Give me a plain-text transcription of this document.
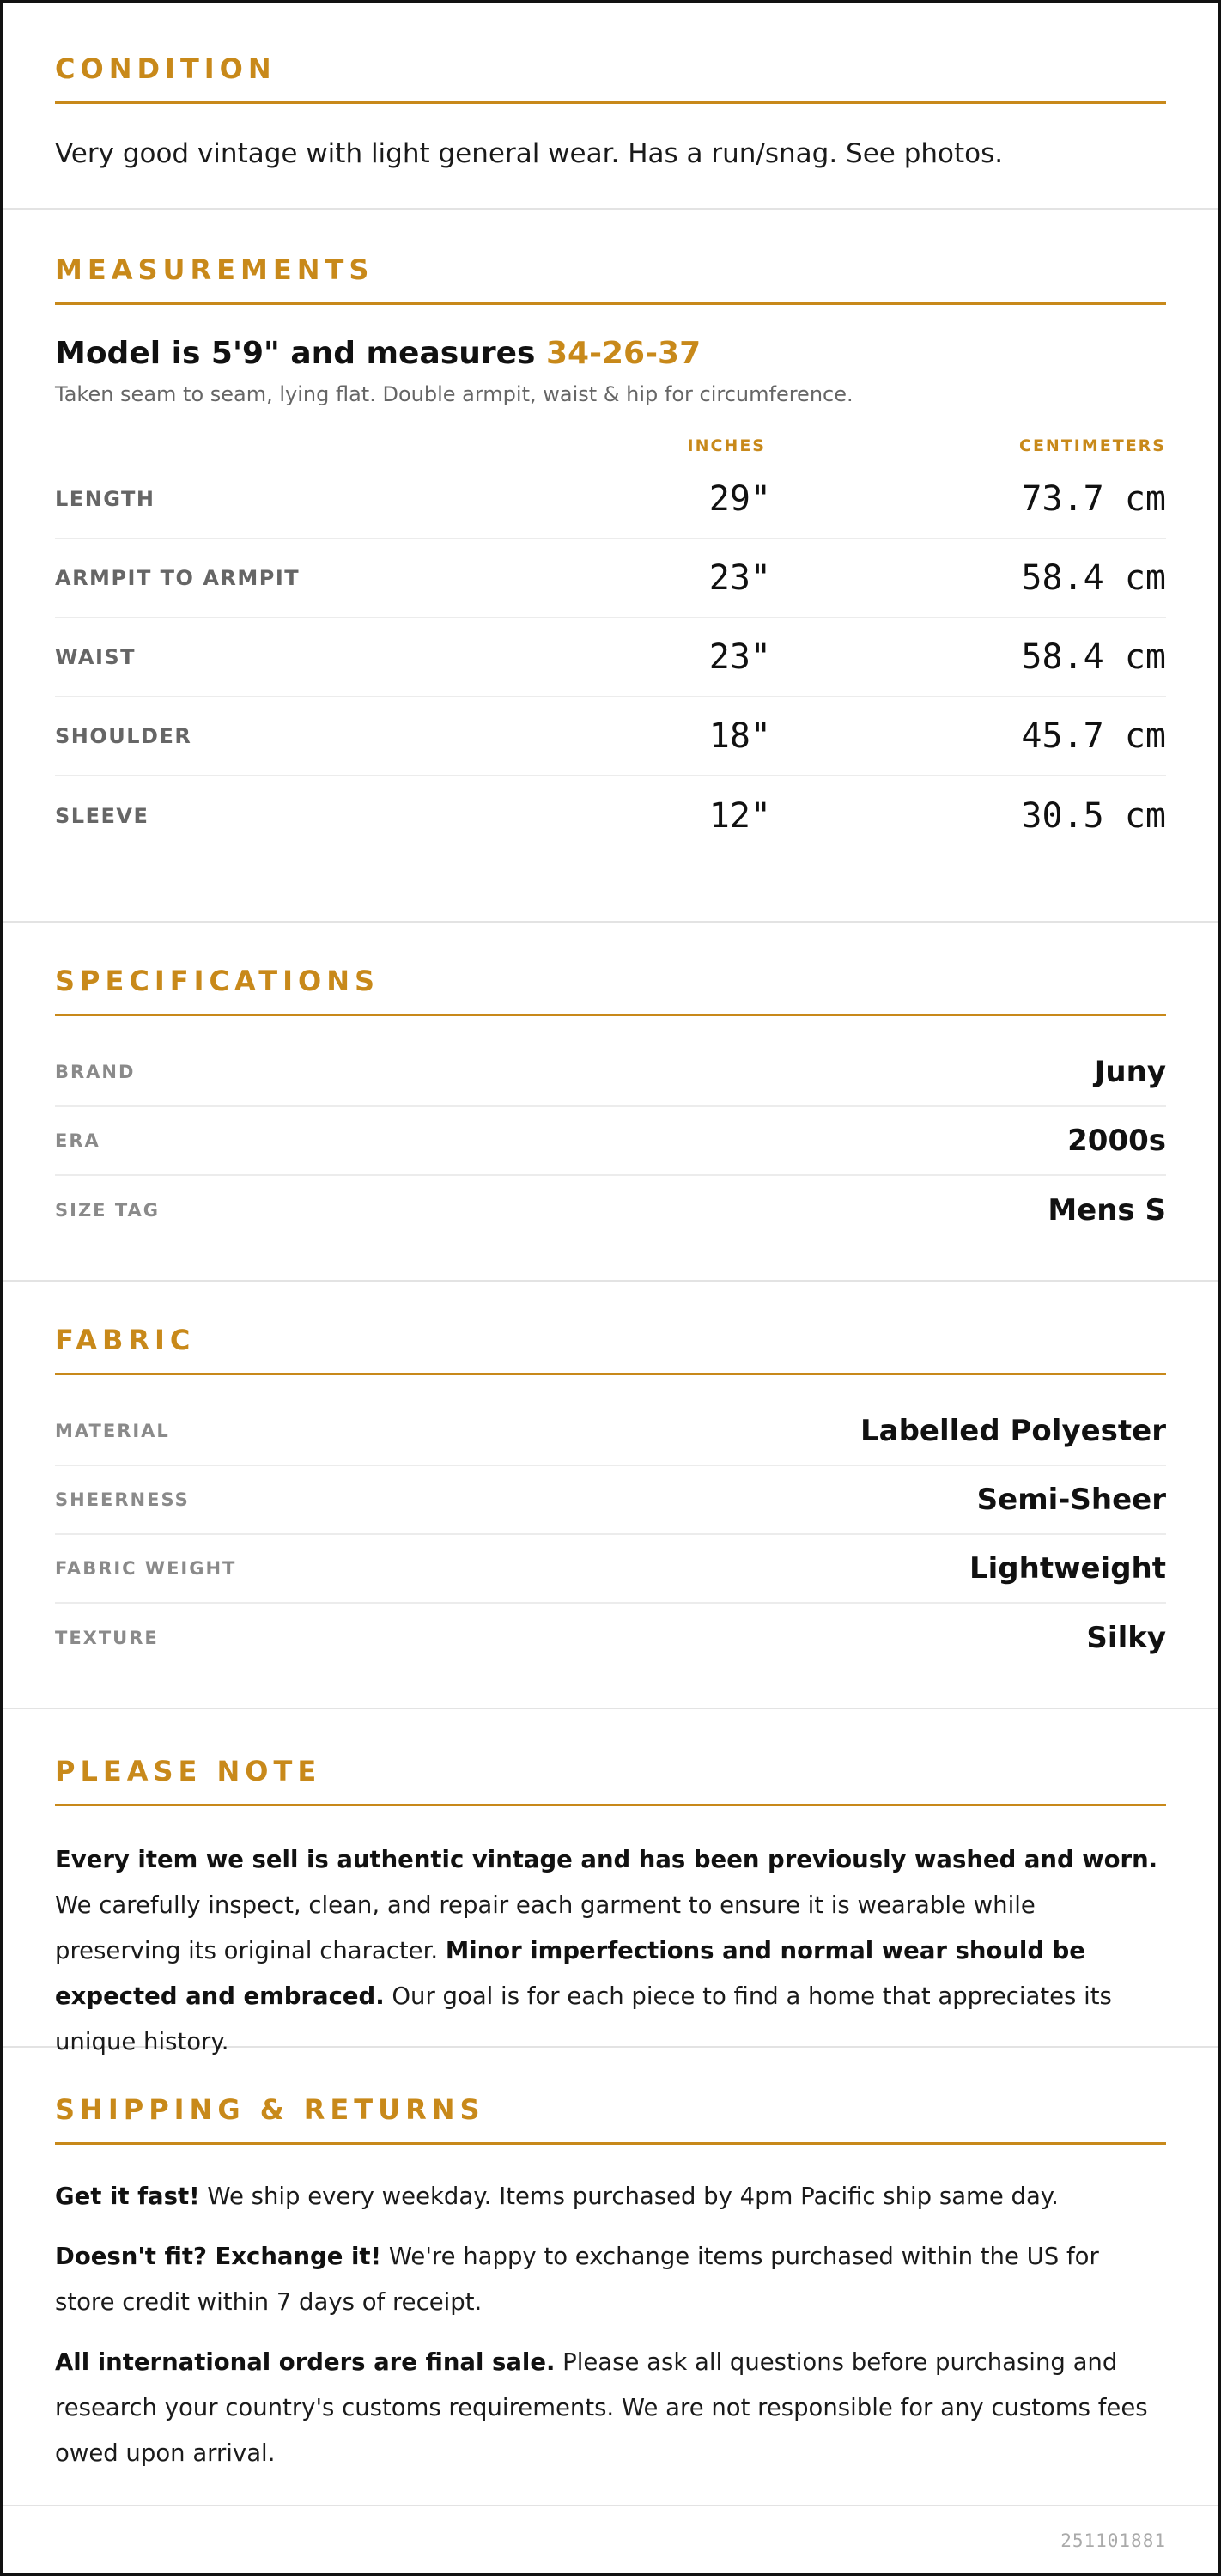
CONDITION

Very good vintage with light general wear. Has a run/snag. See photos.

MEASUREMENTS

Model is 5'9" and measures 34-26-37

Taken seam to seam, lying flat. Double armpit, waist & hip for circumference.

INCHES	CENTIMETERS
LENGTH	29"	73.7 cm
ARMPIT TO ARMPIT	23"	58.4 cm
WAIST	23"	58.4 cm
SHOULDER	18"	45.7 cm
SLEEVE	12"	30.5 cm
SPECIFICATIONS
BRAND	Juny
ERA	2000s
SIZE TAG	Mens S
FABRIC
MATERIAL	Labelled Polyester
SHEERNESS	Semi-Sheer
FABRIC WEIGHT	Lightweight
TEXTURE	Silky
PLEASE NOTE

Every item we sell is authentic vintage and has been previously washed and worn. We carefully inspect, clean, and repair each garment to ensure it is wearable while preserving its original character. Minor imperfections and normal wear should be expected and embraced. Our goal is for each piece to find a home that appreciates its unique history.

SHIPPING & RETURNS

Get it fast! We ship every weekday. Items purchased by 4pm Pacific ship same day.

Doesn't fit? Exchange it! We're happy to exchange items purchased within the US for store credit within 7 days of receipt.

All international orders are final sale. Please ask all questions before purchasing and research your country's customs requirements. We are not responsible for any customs fees owed upon arrival.

251101881
